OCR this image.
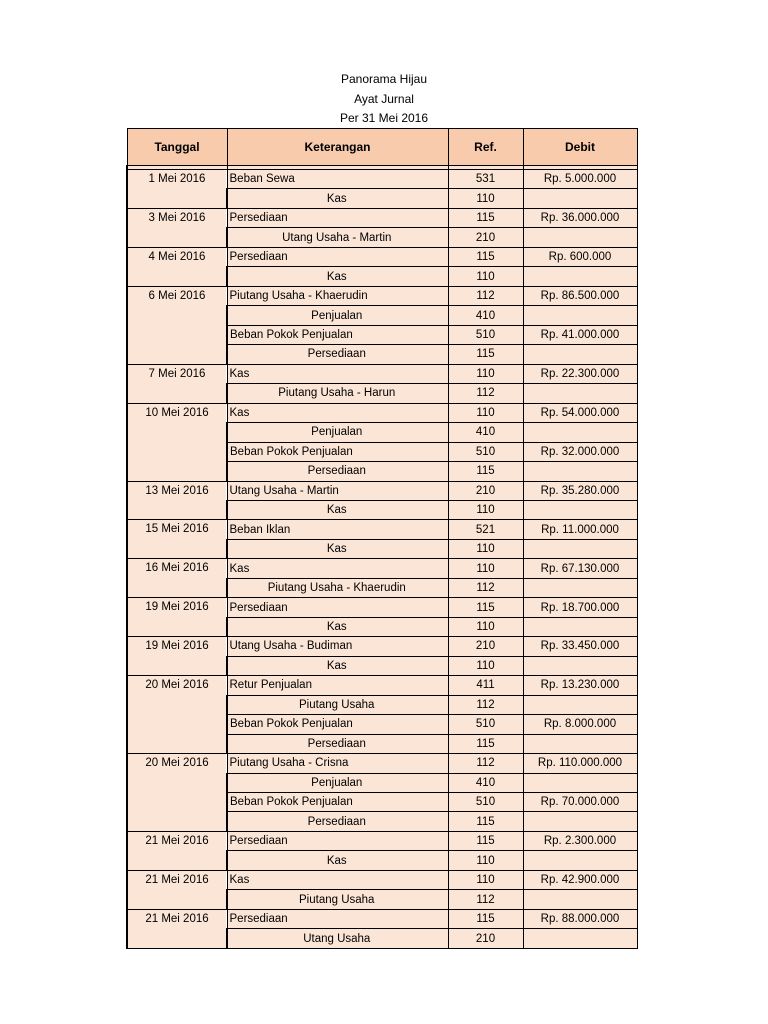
Panorama Hijau
Ayat Jurnal
Per 31 Mei 2016
Tanggal	Keterangan	Ref.	Debit

1 Mei 2016	Beban Sewa	531	Rp. 5.000.000
	Kas	110	
3 Mei 2016	Persediaan	115	Rp. 36.000.000
	Utang Usaha - Martin	210	
4 Mei 2016	Persediaan	115	Rp. 600.000
	Kas	110	
6 Mei 2016	Piutang Usaha - Khaerudin	112	Rp. 86.500.000
	Penjualan	410	
	Beban Pokok Penjualan	510	Rp. 41.000.000
	Persediaan	115	
7 Mei 2016	Kas	110	Rp. 22.300.000
	Piutang Usaha - Harun	112	
10 Mei 2016	Kas	110	Rp. 54.000.000
	Penjualan	410	
	Beban Pokok Penjualan	510	Rp. 32.000.000
	Persediaan	115	
13 Mei 2016	Utang Usaha - Martin	210	Rp. 35.280.000
	Kas	110	
15 Mei 2016	Beban Iklan	521	Rp. 11.000.000
	Kas	110	
16 Mei 2016	Kas	110	Rp. 67.130.000
	Piutang Usaha - Khaerudin	112	
19 Mei 2016	Persediaan	115	Rp. 18.700.000
	Kas	110	
19 Mei 2016	Utang Usaha - Budiman	210	Rp. 33.450.000
	Kas	110	
20 Mei 2016	Retur Penjualan	411	Rp. 13.230.000
	Piutang Usaha	112	
	Beban Pokok Penjualan	510	Rp. 8.000.000
	Persediaan	115	
20 Mei 2016	Piutang Usaha - Crisna	112	Rp. 110.000.000
	Penjualan	410	
	Beban Pokok Penjualan	510	Rp. 70.000.000
	Persediaan	115	
21 Mei 2016	Persediaan	115	Rp. 2.300.000
	Kas	110	
21 Mei 2016	Kas	110	Rp. 42.900.000
	Piutang Usaha	112	
21 Mei 2016	Persediaan	115	Rp. 88.000.000
	Utang Usaha	210	
